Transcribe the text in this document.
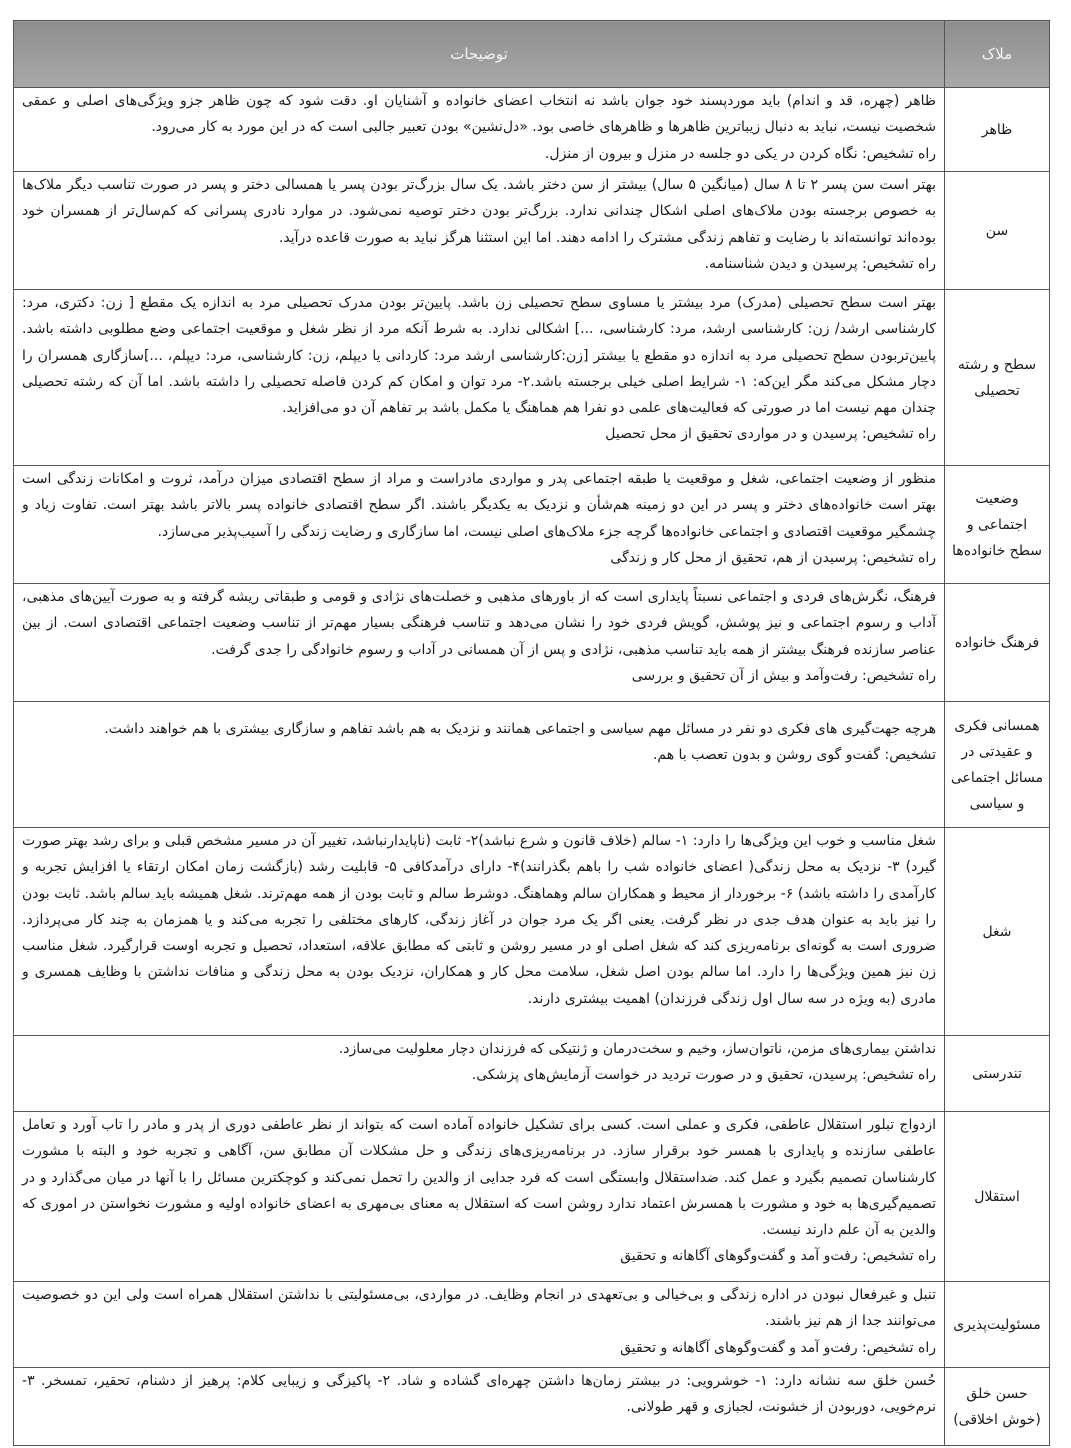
ملاک	توضیحات
ظاهر	ظاهر (چهره، قد و اندام) باید موردپسند خود جوان باشد نه انتخاب اعضای خانواده و آشنایان او. دقت شود که چون ظاهر جزو ویژگی‌های اصلی و عمقی شخصیت نیست، نباید به دنبال زیباترین ظاهرها و ظاهرهای خاصی بود. «دل‌نشین» بودن تعبیر جالبی است که در این مورد به کار می‌رود.

راه تشخیص: نگاه کردن در یکی دو جلسه در منزل و بیرون از منزل.

سن	بهتر است سن پسر ۲ تا ۸ سال (میانگین ۵ سال) بیشتر از سن دختر باشد. یک سال بزرگ‌تر بودن پسر یا همسالی دختر و پسر در صورت تناسب دیگر ملاک‌ها به خصوص برجسته بودن ملاک‌های اصلی اشکال چندانی ندارد. بزرگ‌تر بودن دختر توصیه نمی‌شود. در موارد نادری پسرانی که کم‌سال‌تر از همسران خود بوده‌اند توانسته‌اند با رضایت و تفاهم زندگی مشترک را ادامه دهند. اما این استثنا هرگز نباید به صورت قاعده درآید.

راه تشخیص: پرسیدن و دیدن شناسنامه.

سطح و رشته تحصیلی	بهتر است سطح تحصیلی (مدرک) مرد بیشتر یا مساوی سطح تحصیلی زن باشد. پایین‌تر بودن مدرک تحصیلی مرد به اندازه یک مقطع [ زن: دکتری، مرد: کارشناسی ارشد/ زن: کارشناسی ارشد، مرد: کارشناسی، ...] اشکالی ندارد. به شرط آنکه مرد از نظر شغل و موقعیت اجتماعی وضع مطلوبی داشته باشد. پایین‌تربودن سطح تحصیلی مرد به اندازه دو مقطع یا بیشتر [زن:کارشناسی ارشد مرد: کاردانی یا دیپلم، زن: کارشناسی، مرد: دیپلم، ...]سازگاری همسران را دچار مشکل می‌کند مگر این‌که: ۱- شرایط اصلی خیلی برجسته باشد.۲- مرد توان و امکان کم کردن فاصله تحصیلی را داشته باشد. اما آن که رشته تحصیلی چندان مهم نیست اما در صورتی که فعالیت‌های علمی دو نفرا هم هماهنگ یا مکمل باشد بر تفاهم آن دو می‌افزاید.

راه تشخیص: پرسیدن و در مواردی تحقیق از محل تحصیل

وضعیت اجتماعی و سطح خانواده‌ها	منظور از وضعیت اجتماعی، شغل و موقعیت یا طبقه اجتماعی پدر و مواردی مادراست و مراد از سطح اقتصادی میزان درآمد، ثروت و امکانات زندگی است بهتر است خانواده‌های دختر و پسر در این دو زمینه هم‌شأن و نزدیک به یکدیگر باشند. اگر سطح اقتصادی خانواده پسر بالاتر باشد بهتر است. تفاوت زیاد و چشمگیر موقعیت اقتصادی و اجتماعی خانواده‌ها گرچه جزء ملاک‌های اصلی نیست، اما سازگاری و رضایت زندگی را آسیب‌پذیر می‌سازد.

راه تشخیص: پرسیدن از هم، تحقیق از محل کار و زندگی

فرهنگ خانواده	فرهنگ، نگرش‌های فردی و اجتماعی نسبتاً پایداری است که از باورهای مذهبی و خصلت‌های نژادی و قومی و طبقاتی ریشه گرفته و به صورت آیین‌های مذهبی، آداب و رسوم اجتماعی و نیز پوشش، گویش فردی خود را نشان می‌دهد و تناسب فرهنگی بسیار مهم‌تر از تناسب وضعیت اجتماعی اقتصادی است. از بین عناصر سازنده فرهنگ بیشتر از همه باید تناسب مذهبی، نژادی و پس از آن همسانی در آداب و رسوم خانوادگی را جدی گرفت.

راه تشخیص: رفت‌وآمد و بیش از آن تحقیق و بررسی

همسانی فکری و عقیدتی در مسائل اجتماعی و سیاسی	هرچه جهت‌گیری های فکری دو نفر در مسائل مهم سیاسی و اجتماعی همانند و نزدیک به هم باشد تفاهم و سازگاری بیشتری با هم خواهند داشت.

تشخیص: گفت‌و گوی روشن و بدون تعصب با هم.

شغل	شغل مناسب و خوب این ویژگی‌ها را دارد: ۱- سالم (خلاف قانون و شرع نباشد)۲- ثابت (ناپایدارنباشد، تغییر آن در مسیر مشخص قبلی و برای رشد بهتر صورت گیرد) ۳- نزدیک به محل زندگی( اعضای خانواده شب را باهم بگذرانند)۴- دارای درآمدکافی ۵- قابلیت رشد (بازگشت زمان امکان ارتقاء یا افزایش تجربه و کارآمدی را داشته باشد) ۶- برخوردار از محیط و همکاران سالم وهماهنگ. دوشرط سالم و ثابت بودن از همه مهم‌ترند. شغل همیشه باید سالم باشد. ثابت بودن را نیز باید به عنوان هدف جدی در نظر گرفت. یعنی اگر یک مرد جوان در آغاز زندگی، کارهای مختلفی را تجربه می‌کند و یا همزمان به چند کار می‌پردازد. ضروری است به گونه‌ای برنامه‌ریزی کند که شغل اصلی او در مسیر روشن و ثابتی که مطابق علاقه، استعداد، تحصیل و تجربه اوست قرارگیرد. شغل مناسب زن نیز همین ویژگی‌ها را دارد. اما سالم بودن اصل شغل، سلامت محل کار و همکاران، نزدیک بودن به محل زندگی و منافات نداشتن با وظایف همسری و مادری (به ویژه در سه سال اول زندگی فرزندان) اهمیت بیشتری دارند.

تندرستی	نداشتن بیماری‌های مزمن، ناتوان‌ساز، وخیم و سخت‌درمان و ژنتیکی که فرزندان دچار معلولیت می‌سازد.

راه تشخیص: پرسیدن، تحقیق و در صورت تردید در خواست آزمایش‌های پزشکی.

استقلال	ازدواج تبلور استقلال عاطفی، فکری و عملی است. کسی برای تشکیل خانواده آماده است که بتواند از نظر عاطفی دوری از پدر و مادر را تاب آورد و تعامل عاطفی سازنده و پایداری با همسر خود برقرار سازد. در برنامه‌ریزی‌های زندگی و حل مشکلات آن مطابق سن، آگاهی و تجربه خود و البته با مشورت کارشناسان تصمیم بگیرد و عمل کند. ضداستقلال وابستگی است که فرد جدایی از والدین را تحمل نمی‌کند و کوچکترین مسائل را با آنها در میان می‌گذارد و در تصمیم‌گیری‌ها به خود و مشورت با همسرش اعتماد ندارد روشن است که استقلال به معنای بی‌مهری به اعضای خانواده اولیه و مشورت نخواستن در اموری که والدین به آن علم دارند نیست.

راه تشخیص: رفت‌و آمد و گفت‌وگوهای آگاهانه و تحقیق

مسئولیت‌پذیری	تنبل و غیرفعال نبودن در اداره زندگی و بی‌خیالی و بی‌تعهدی در انجام وظایف. در مواردی، بی‌مسئولیتی با نداشتن استقلال همراه است ولی این دو خصوصیت می‌توانند جدا از هم نیز باشند.

راه تشخیص: رفت‌و آمد و گفت‌وگوهای آگاهانه و تحقیق

حسن خلق (خوش اخلاقی)	حُسن خلق سه نشانه دارد: ۱- خوشرویی: در بیشتر زمان‌ها داشتن چهره‌ای گشاده و شاد. ۲- پاکیزگی و زیبایی کلام: پرهیز از دشنام، تحقیر، تمسخر. ۳- نرم‌خویی، دوربودن از خشونت، لجبازی و قهر طولانی.
